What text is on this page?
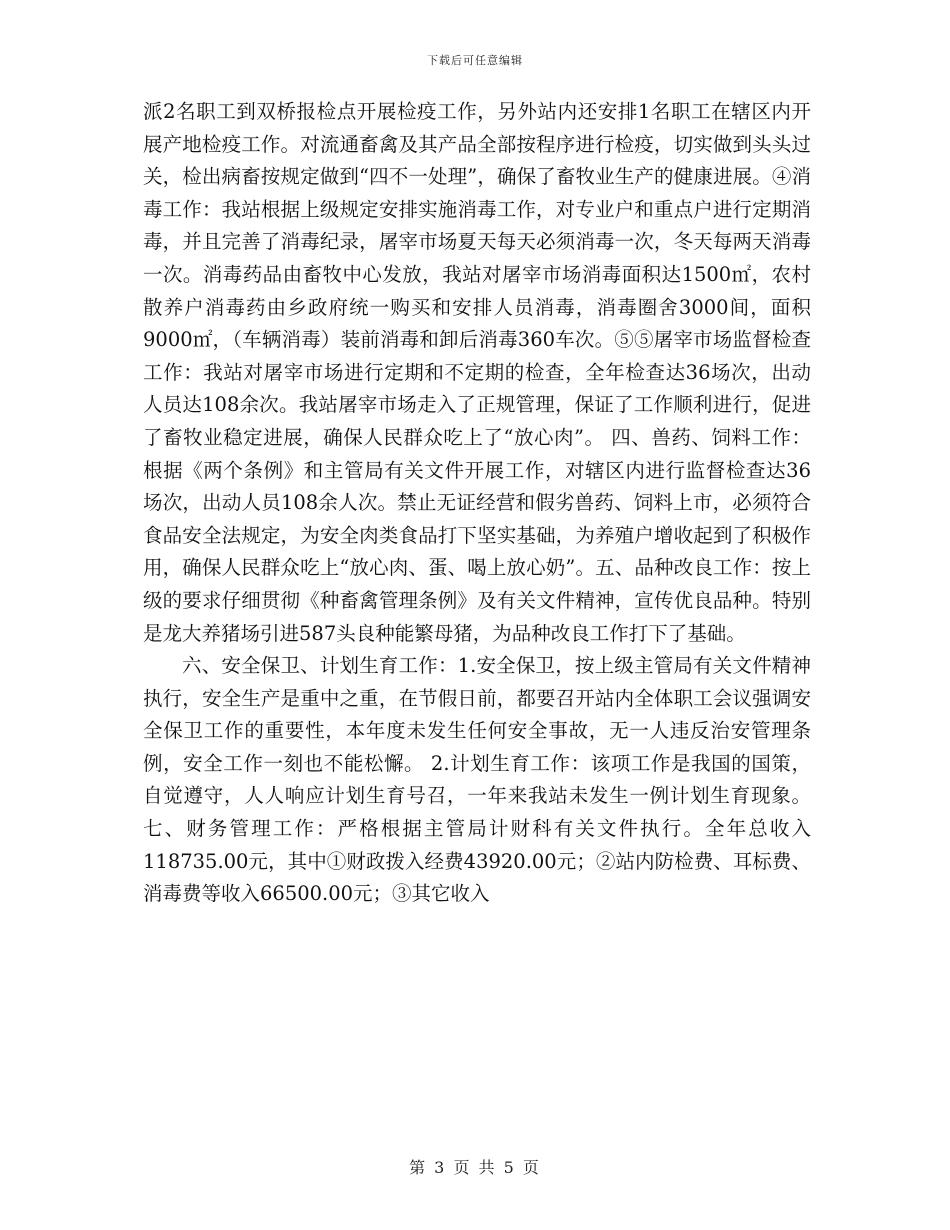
下载后可任意编辑

派2名职工到双桥报检点开展检疫工作，另外站内还安排1名职工在辖区内开展产地检疫工作。对流通畜禽及其产品全部按程序进行检疫，切实做到头头过关，检出病畜按规定做到“四不一处理”，确保了畜牧业生产的健康进展。④消毒工作：我站根据上级规定安排实施消毒工作，对专业户和重点户进行定期消毒，并且完善了消毒纪录，屠宰市场夏天每天必须消毒一次，冬天每两天消毒一次。消毒药品由畜牧中心发放，我站对屠宰市场消毒面积达1500㎡，农村散养户消毒药由乡政府统一购买和安排人员消毒，消毒圈舍3000间，面积9000㎡，（车辆消毒）装前消毒和卸后消毒360车次。⑤⑤屠宰市场监督检查工作：我站对屠宰市场进行定期和不定期的检查，全年检查达36场次，出动人员达108余次。我站屠宰市场走入了正规管理，保证了工作顺利进行，促进了畜牧业稳定进展，确保人民群众吃上了“放心肉”。 四、兽药、饲料工作：根据《两个条例》和主管局有关文件开展工作，对辖区内进行监督检查达36场次，出动人员108余人次。禁止无证经营和假劣兽药、饲料上市，必须符合食品安全法规定，为安全肉类食品打下坚实基础，为养殖户增收起到了积极作用，确保人民群众吃上“放心肉、蛋、喝上放心奶”。五、品种改良工作：按上级的要求仔细贯彻《种畜禽管理条例》及有关文件精神，宣传优良品种。特别是龙大养猪场引进587头良种能繁母猪，为品种改良工作打下了基础。

六、安全保卫、计划生育工作：1.安全保卫，按上级主管局有关文件精神执行，安全生产是重中之重，在节假日前，都要召开站内全体职工会议强调安全保卫工作的重要性，本年度未发生任何安全事故，无一人违反治安管理条例，安全工作一刻也不能松懈。 2.计划生育工作：该项工作是我国的国策，自觉遵守，人人响应计划生育号召，一年来我站未发生一例计划生育现象。 七、财务管理工作：严格根据主管局计财科有关文件执行。全年总收入118735.00元，其中①财政拨入经费43920.00元；②站内防检费、耳标费、消毒费等收入66500.00元；③其它收入

第 3 页 共 5 页
